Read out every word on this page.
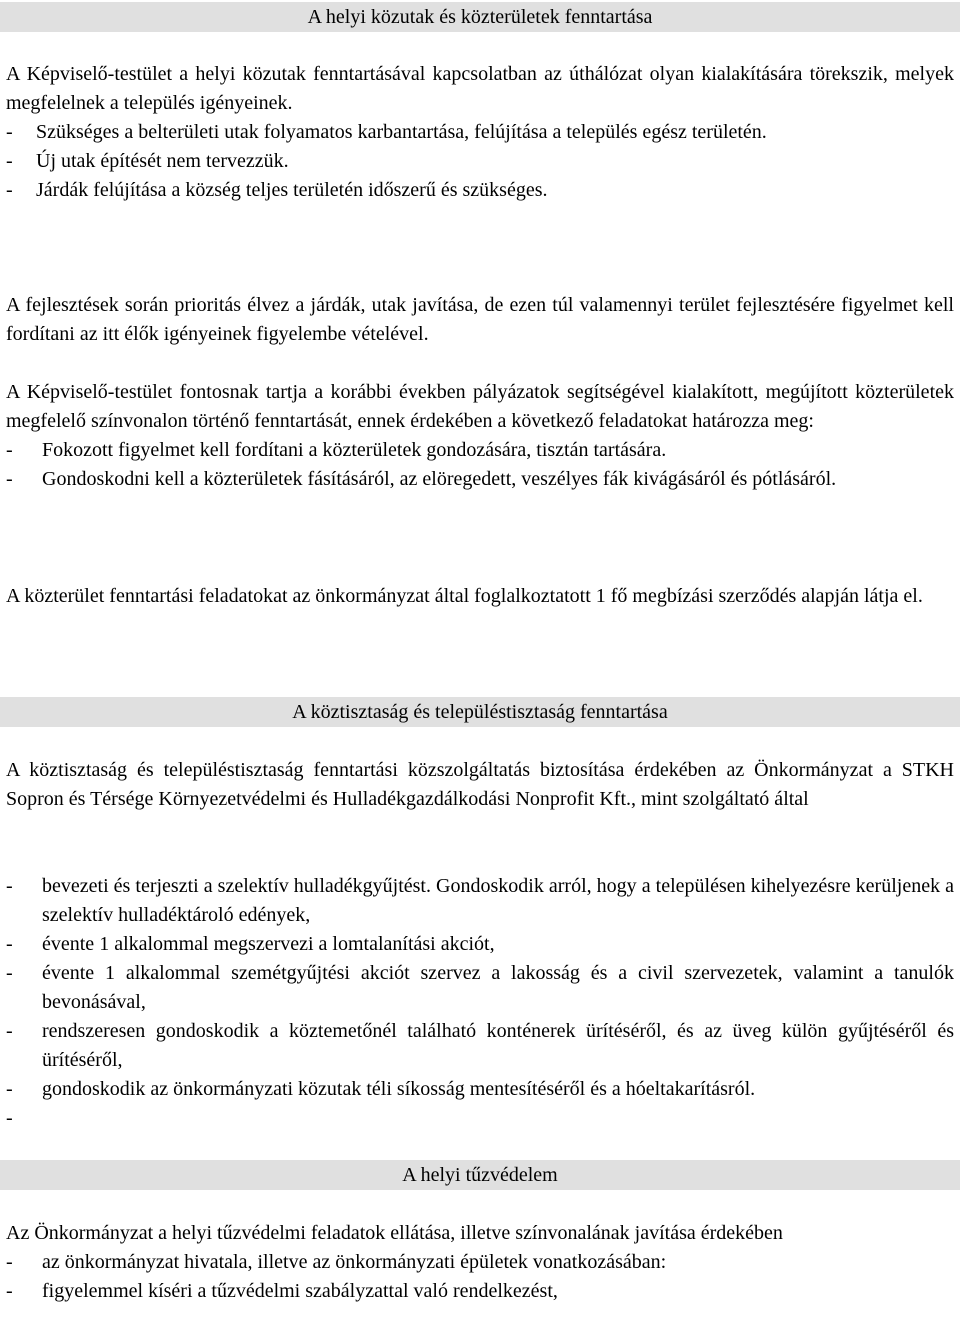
A helyi közutak és közterületek fenntartása

A Képviselő-testület a helyi közutak fenntartásával kapcsolatban az úthálózat olyan kialakítására törekszik, melyek megfelelnek a település igényeinek.

-	Szükséges a belterületi utak folyamatos karbantartása, felújítása a település egész területén.
-	Új utak építését nem tervezzük.
-	Járdák felújítása a község teljes területén időszerű és szükséges.

A fejlesztések során prioritás élvez a járdák, utak javítása, de ezen túl valamennyi terület fejlesztésére figyelmet kell fordítani az itt élők igényeinek figyelembe vételével.

A Képviselő-testület fontosnak tartja a korábbi években pályázatok segítségével kialakított, megújított közterületek megfelelő színvonalon történő fenntartását, ennek érdekében a következő feladatokat határozza meg:

-	Fokozott figyelmet kell fordítani a közterületek gondozására, tisztán tartására.
-	Gondoskodni kell a közterületek fásításáról, az elöregedett, veszélyes fák kivágásáról és pótlásáról.

A közterület fenntartási feladatokat az önkormányzat által foglalkoztatott 1 fő megbízási szerződés alapján látja el.

A köztisztaság és településtisztaság fenntartása

A köztisztaság és településtisztaság fenntartási közszolgáltatás biztosítása érdekében az Önkormányzat a STKH Sopron és Térsége Környezetvédelmi és Hulladékgazdálkodási Nonprofit Kft., mint szolgáltató által

-	bevezeti és terjeszti a szelektív hulladékgyűjtést. Gondoskodik arról, hogy a településen kihelyezésre kerüljenek a szelektív hulladéktároló edények,
-	évente 1 alkalommal megszervezi a lomtalanítási akciót,
-	évente 1 alkalommal szemétgyűjtési akciót szervez a lakosság és a civil szervezetek, valamint a tanulók bevonásával,
-	rendszeresen gondoskodik a köztemetőnél található konténerek ürítéséről, és az üveg külön gyűjtéséről és ürítéséről,
-	gondoskodik az önkormányzati közutak téli síkosság mentesítéséről és a hóeltakarításról.
-
A helyi tűzvédelem

Az Önkormányzat a helyi tűzvédelmi feladatok ellátása, illetve színvonalának javítása érdekében

-	az önkormányzat hivatala, illetve az önkormányzati épületek vonatkozásában:
-	figyelemmel kíséri a tűzvédelmi szabályzattal való rendelkezést,
